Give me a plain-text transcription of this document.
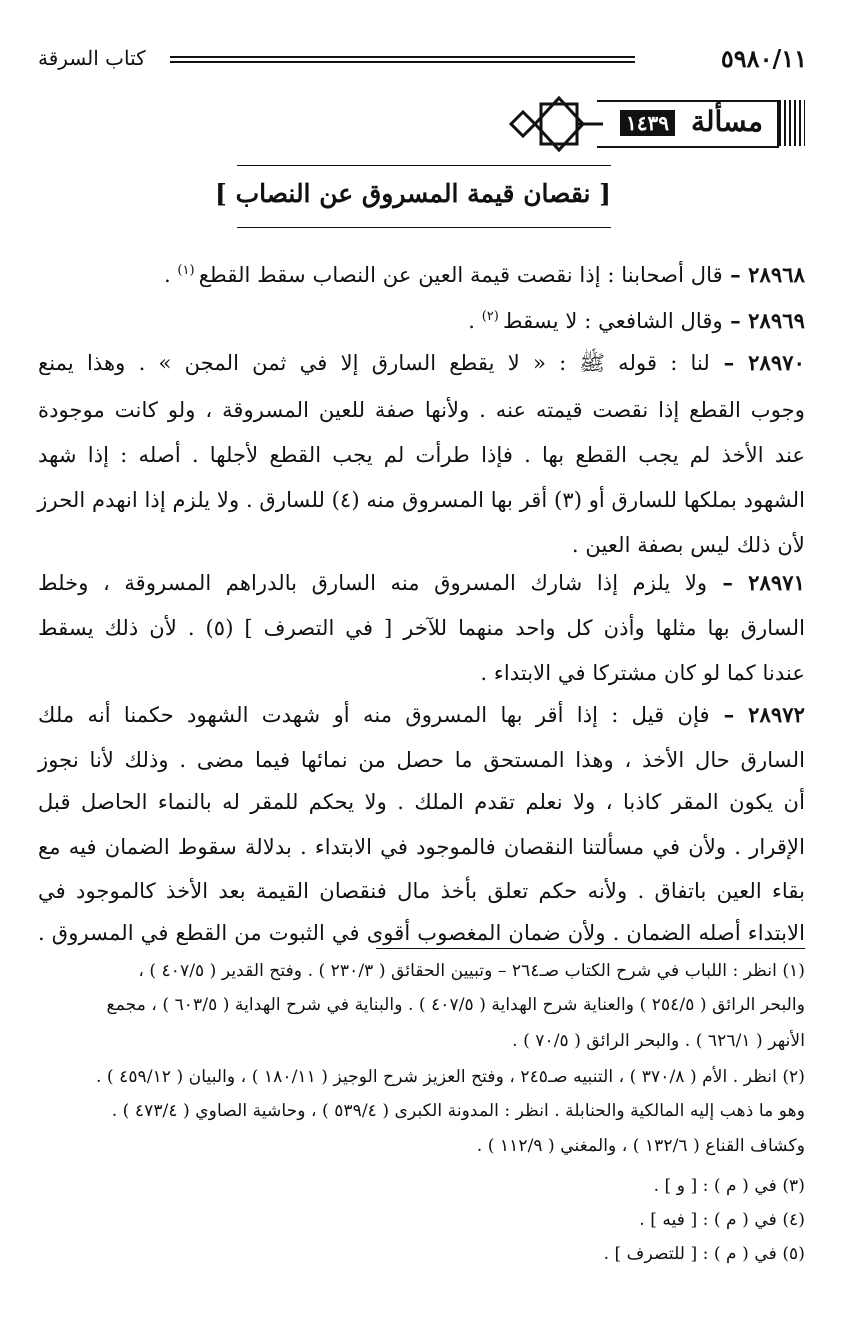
٥٩٨٠/١١
كتاب السرقة
مسألة
١٤٣٩
[ نقصان قيمة المسروق عن النصاب ]
٢٨٩٦٨ – قال أصحابنا : إذا نقصت قيمة العين عن النصاب سقط القطع $^{(١)}$ .
٢٨٩٦٩ – وقال الشافعي : لا يسقط $^{(٢)}$ .
٢٨٩٧٠ – لنا : قوله ﷺ : « لا يقطع السارق إلا في ثمن المجن » . وهذا يمنع
وجوب القطع إذا نقصت قيمته عنه . ولأنها صفة للعين المسروقة ، ولو كانت موجودة
عند الأخذ لم يجب القطع بها . فإذا طرأت لم يجب القطع لأجلها . أصله : إذا شهد
الشهود بملكها للسارق أو (٣) أقر بها المسروق منه (٤) للسارق . ولا يلزم إذا انهدم الحرز
لأن ذلك ليس بصفة العين .
٢٨٩٧١ – ولا يلزم إذا شارك المسروق منه السارق بالدراهم المسروقة ، وخلط
السارق بها مثلها وأذن كل واحد منهما للآخر [ في التصرف ] (٥) . لأن ذلك يسقط
عندنا كما لو كان مشتركا في الابتداء .
٢٨٩٧٢ – فإن قيل : إذا أقر بها المسروق منه أو شهدت الشهود حكمنا أنه ملك
السارق حال الأخذ ، وهذا المستحق ما حصل من نمائها فيما مضى . وذلك لأنا نجوز
أن يكون المقر كاذبا ، ولا نعلم تقدم الملك . ولا يحكم للمقر له بالنماء الحاصل قبل
الإقرار . ولأن في مسألتنا النقصان فالموجود في الابتداء . بدلالة سقوط الضمان فيه مع
بقاء العين باتفاق . ولأنه حكم تعلق بأخذ مال فنقصان القيمة بعد الأخذ كالموجود في
الابتداء أصله الضمان . ولأن ضمان المغصوب أقوى في الثبوت من القطع في المسروق .
(١) انظر : اللباب في شرح الكتاب صـ٢٦٤ – وتبيين الحقائق ( ٢٣٠/٣ ) . وفتح القدير ( ٤٠٧/٥ ) ،
والبحر الرائق ( ٢٥٤/٥ ) والعناية شرح الهداية ( ٤٠٧/٥ ) . والبناية في شرح الهداية ( ٦٠٣/٥ ) ، مجمع
الأنهر ( ٦٢٦/١ ) . والبحر الرائق ( ٧٠/٥ ) .
(٢) انظر . الأم ( ٣٧٠/٨ ) ، التنبيه صـ٢٤٥ ، وفتح العزيز شرح الوجيز ( ١٨٠/١١ ) ، والبيان ( ٤٥٩/١٢ ) .
وهو ما ذهب إليه المالكية والحنابلة . انظر : المدونة الكبرى ( ٥٣٩/٤ ) ، وحاشية الصاوي ( ٤٧٣/٤ ) .
وكشاف القناع ( ١٣٢/٦ ) ، والمغني ( ١١٢/٩ ) .
(٣) في ( م ) : [ و ] .
(٤) في ( م ) : [ فيه ] .
(٥) في ( م ) : [ للتصرف ] .
